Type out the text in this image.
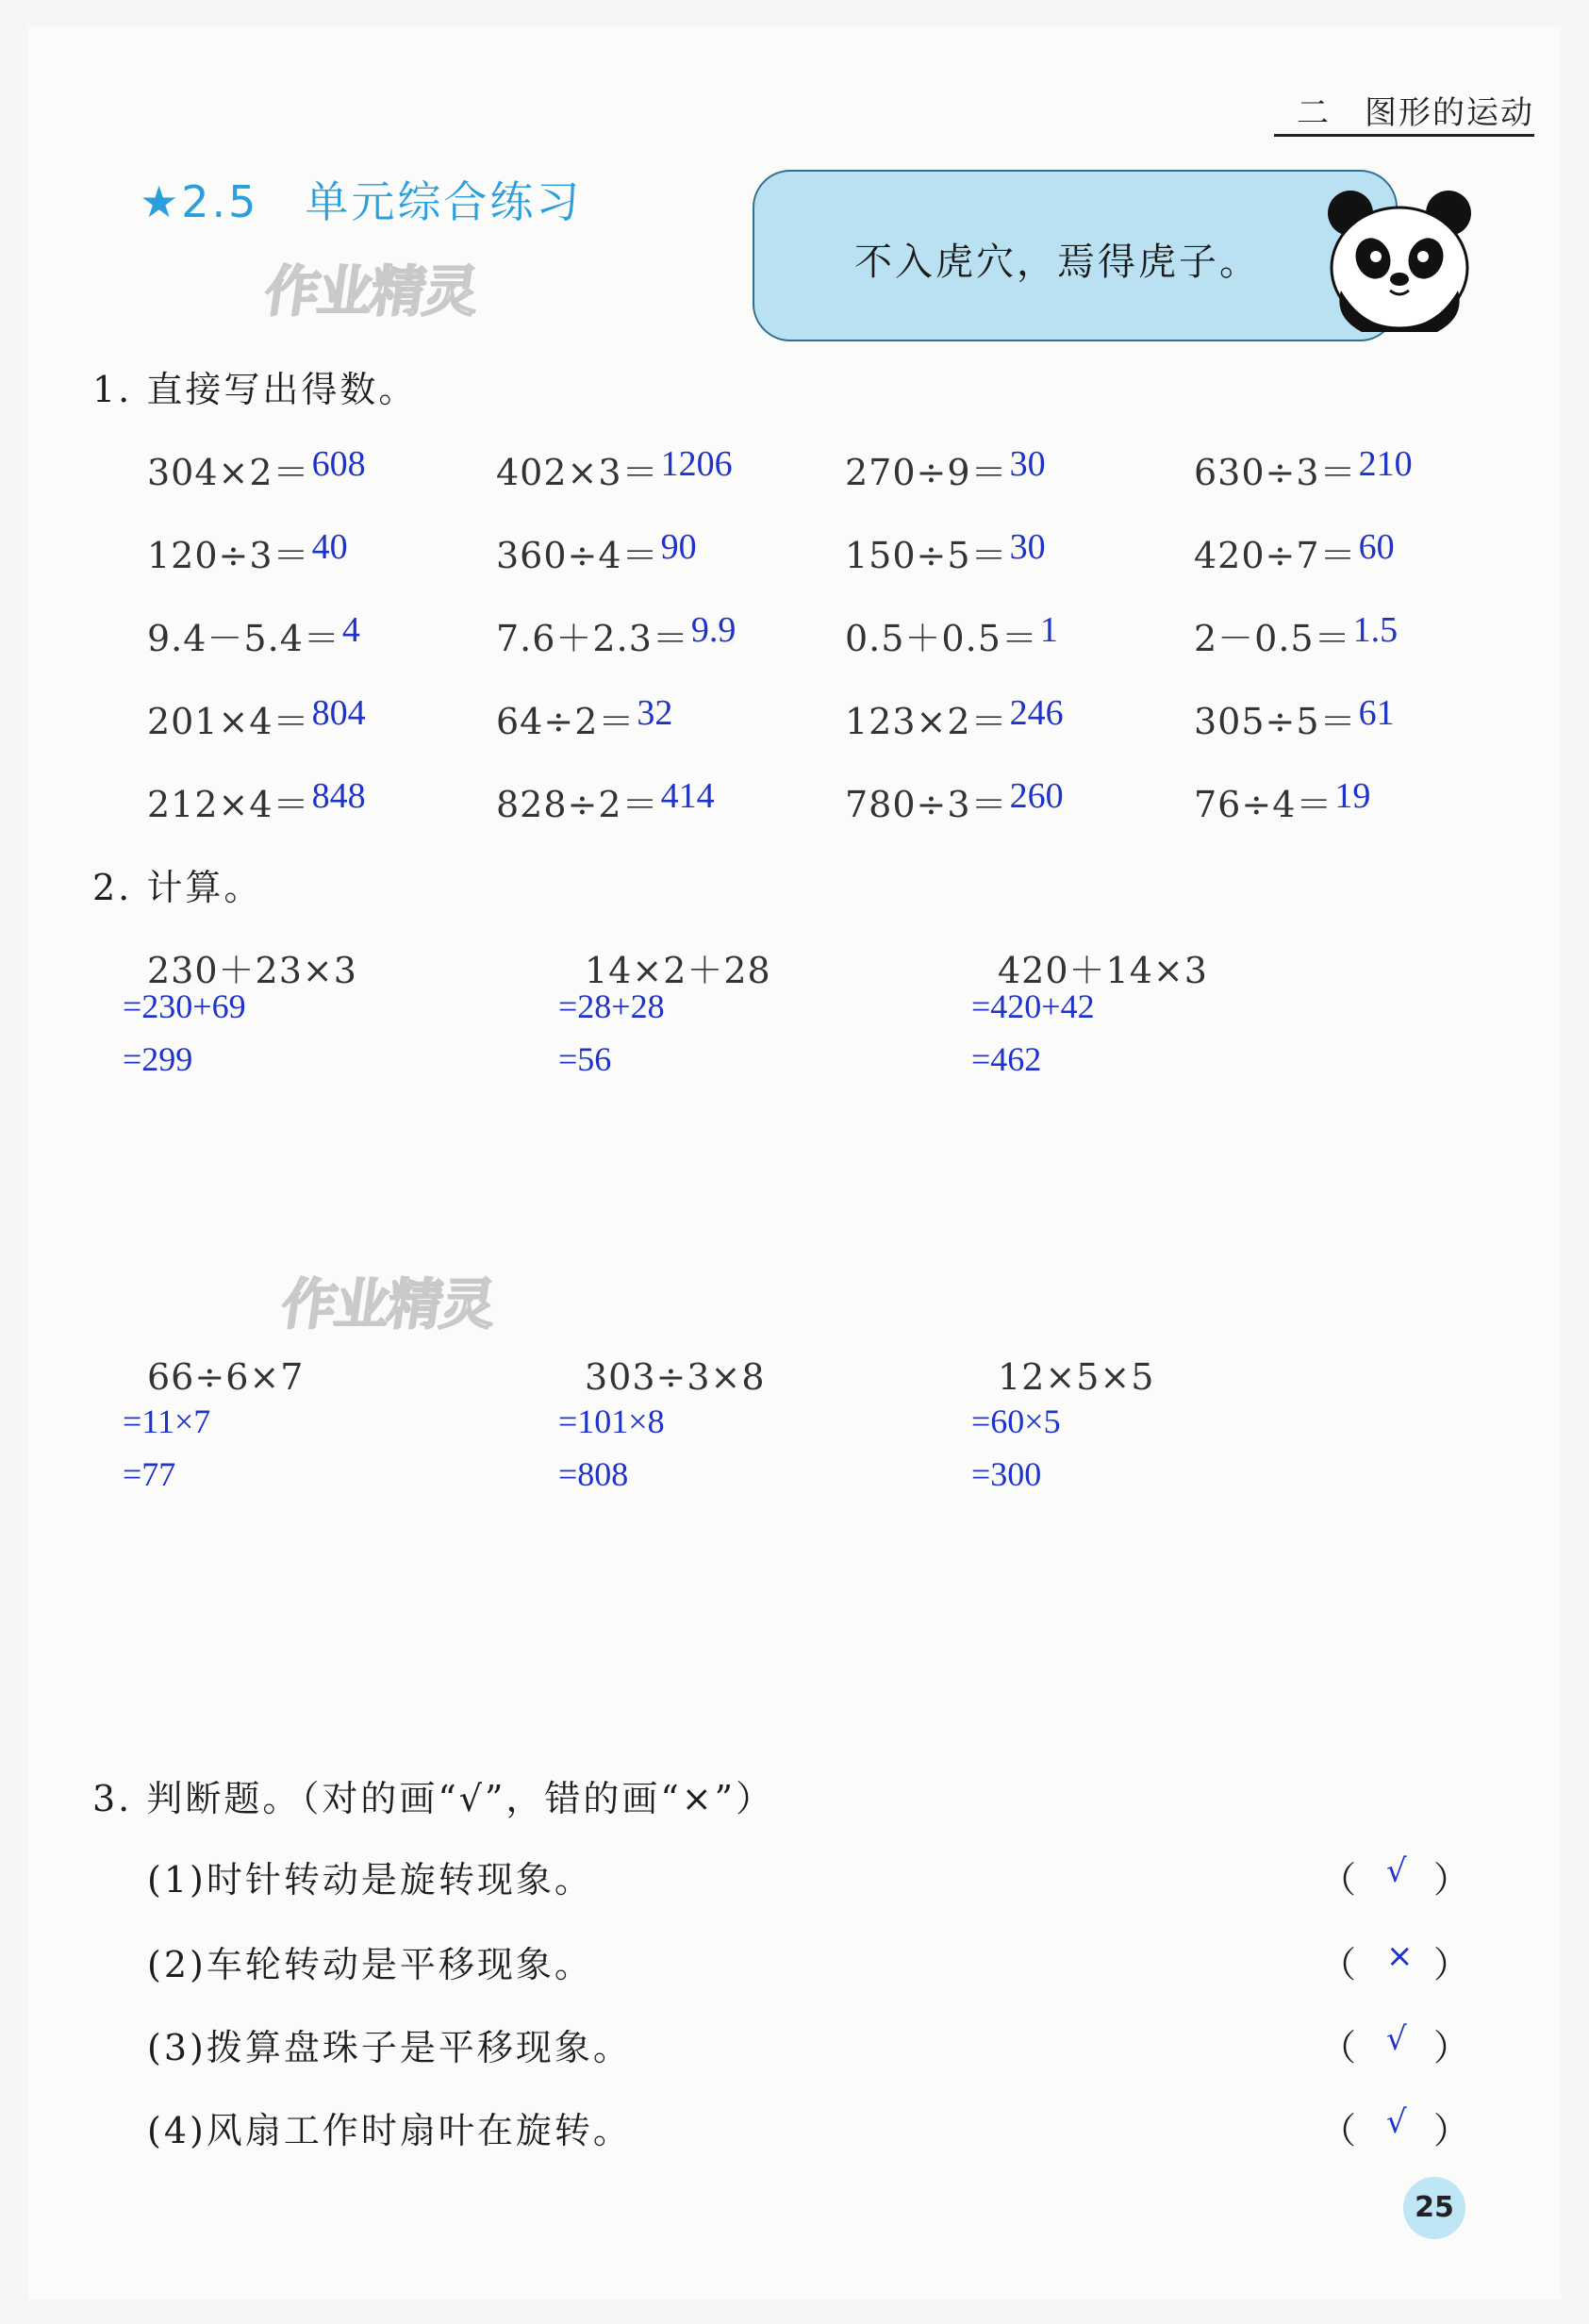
二　图形的运动
★2.5　单元综合练习
作业精灵
作业精灵
不入虎穴，焉得虎子。
1. 直接写出得数。
2. 计算。
3. 判断题。（对的画“√”，错的画“×”）
25
304×2＝ 608	402×3＝ 1206	270÷9＝ 30	630÷3＝ 210
120÷3＝ 40	360÷4＝ 90	150÷5＝ 30	420÷7＝ 60
9.4－5.4＝ 4	7.6＋2.3＝ 9.9	0.5＋0.5＝ 1	2－0.5＝ 1.5
201×4＝ 804	64÷2＝ 32	123×2＝ 246	305÷5＝ 61
212×4＝ 848	828÷2＝ 414	780÷3＝ 260	76÷4＝ 19
230＋23×3
=230+69
=299
14×2＋28
=28+28
=56
420＋14×3
=420+42
=462
66÷6×7
=11×7
=77
303÷3×8
=101×8
=808
12×5×5
=60×5
=300
(1)时针转动是旋转现象。	（ √ ）
(2)车轮转动是平移现象。	（ × ）
(3)拨算盘珠子是平移现象。	（ √ ）
(4)风扇工作时扇叶在旋转。	（ √ ）
